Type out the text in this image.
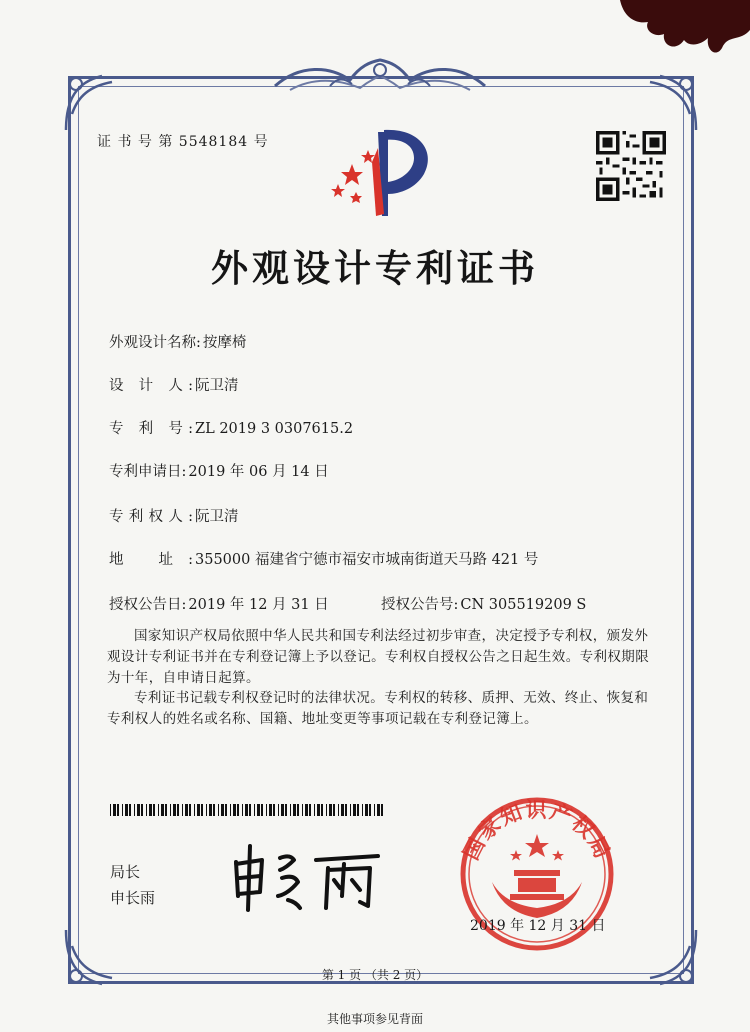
证 书 号 第 5548184 号
外观设计专利证书
外观设计名称: 按摩椅
设 计 人: 阮卫清
专 利 号: ZL 2019 3 0307615.2
专利申请日: 2019 年 06 月 14 日
专利权人: 阮卫清
地 址: 355000 福建省宁德市福安市城南街道天马路 421 号
授权公告日: 2019 年 12 月 31 日	授权公告号: CN 305519209 S
国家知识产权局依照中华人民共和国专利法经过初步审查，决定授予专利权，颁发外观设计专利证书并在专利登记簿上予以登记。专利权自授权公告之日起生效。专利权期限为十年，自申请日起算。
专利证书记载专利权登记时的法律状况。专利权的转移、质押、无效、终止、恢复和专利权人的姓名或名称、国籍、地址变更等事项记载在专利登记簿上。
局长
申长雨
国家知识产权局
2019 年 12 月 31 日
第 1 页 （共 2 页）
其他事项参见背面
